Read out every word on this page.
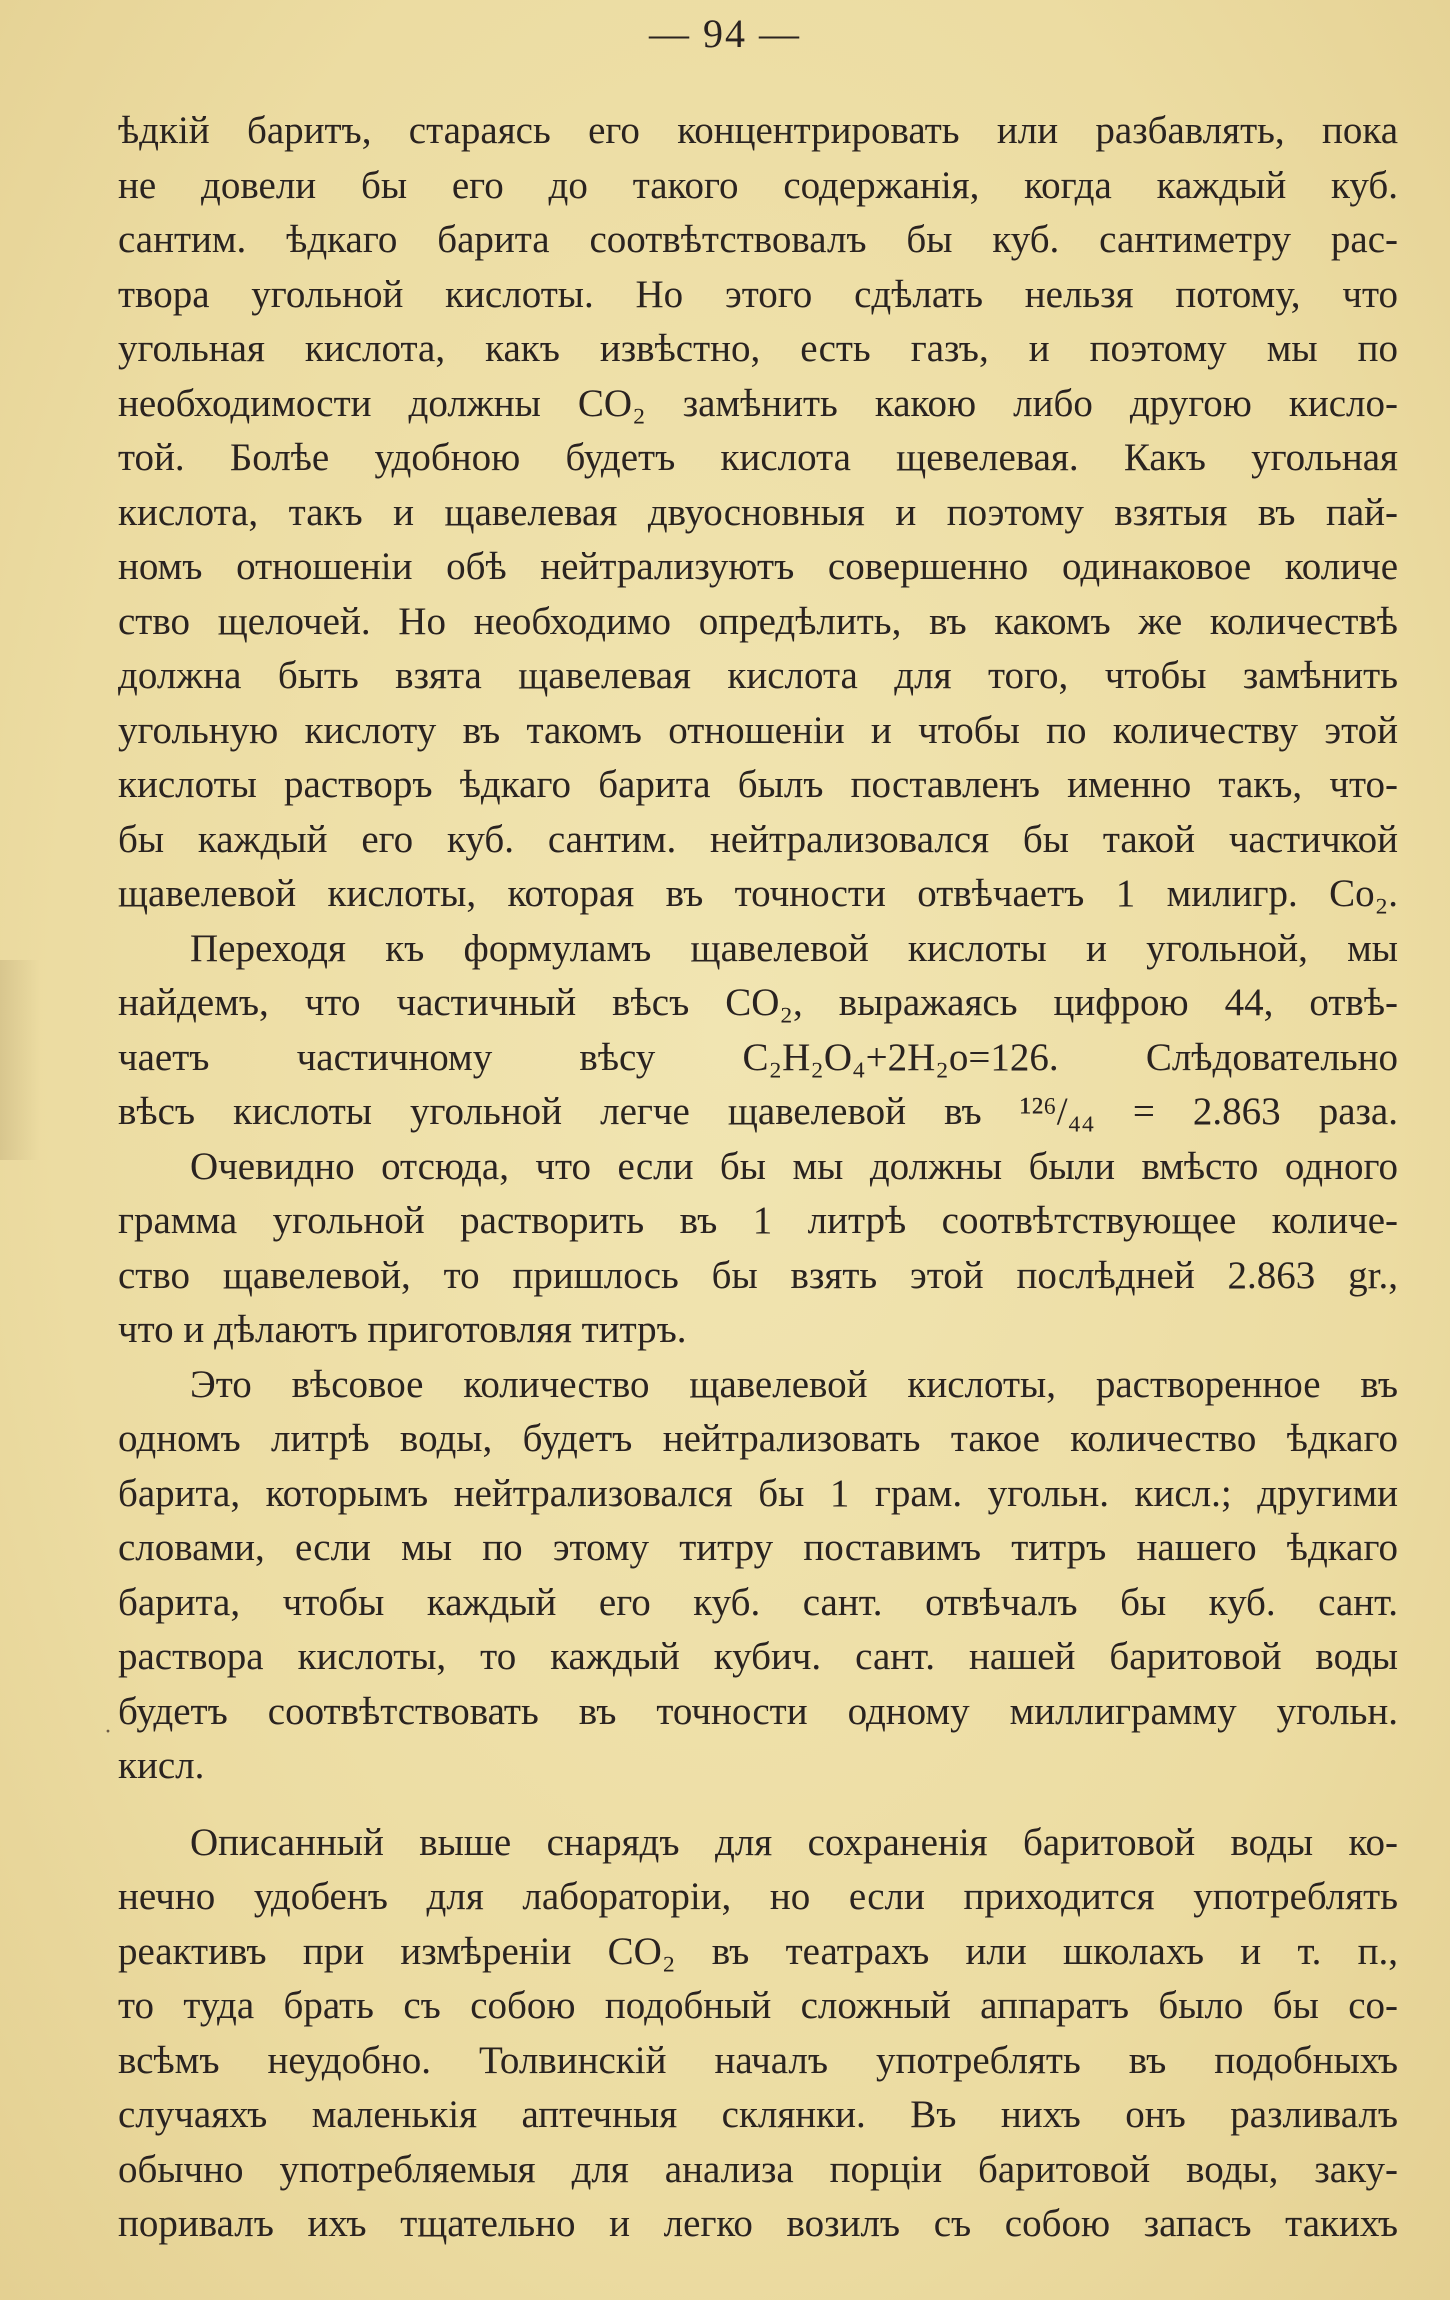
— 94 —
ѣдкій баритъ, стараясь его концентрировать или разбавлять, пока
не довели бы его до такого содержанія, когда каждый куб.
сантим. ѣдкаго барита соотвѣтствовалъ бы куб. сантиметру рас-
твора угольной кислоты. Но этого сдѣлать нельзя потому, что
угольная кислота, какъ извѣстно, есть газъ, и поэтому мы по
необходимости должны CO₂ замѣнить какою либо другою кисло-
той. Болѣе удобною будетъ кислота щевелевая. Какъ угольная
кислота, такъ и щавелевая двуосновныя и поэтому взятыя въ пай-
номъ отношеніи обѣ нейтрализуютъ совершенно одинаковое количе
ство щелочей. Но необходимо опредѣлить, въ какомъ же количествѣ
должна быть взята щавелевая кислота для того, чтобы замѣнить
угольную кислоту въ такомъ отношеніи и чтобы по количеству этой
кислоты растворъ ѣдкаго барита былъ поставленъ именно такъ, что-
бы каждый его куб. сантим. нейтрализовался бы такой частичкой
щавелевой кислоты, которая въ точности отвѣчаетъ 1 милигр. Co₂.
Переходя къ формуламъ щавелевой кислоты и угольной, мы
найдемъ, что частичный вѣсъ CO₂, выражаясь цифрою 44, отвѣ-
чаетъ частичному вѣсу C₂H₂O₄+2H₂o=126. Слѣдовательно
вѣсъ кислоты угольной легче щавелевой въ ¹²⁶/₄₄ = 2.863 раза.
Очевидно отсюда, что если бы мы должны были вмѣсто одного
грамма угольной растворить въ 1 литрѣ соотвѣтствующее количе-
ство щавелевой, то пришлось бы взять этой послѣдней 2.863 gr.,
что и дѣлаютъ приготовляя титръ.
Это вѣсовое количество щавелевой кислоты, растворенное въ
одномъ литрѣ воды, будетъ нейтрализовать такое количество ѣдкаго
барита, которымъ нейтрализовался бы 1 грам. угольн. кисл.; другими
словами, если мы по этому титру поставимъ титръ нашего ѣдкаго
барита, чтобы каждый его куб. сант. отвѣчалъ бы куб. сант.
раствора кислоты, то каждый кубич. сант. нашей баритовой воды
будетъ соотвѣтствовать въ точности одному миллиграмму угольн.
кисл.
Описанный выше снарядъ для сохраненія баритовой воды ко-
нечно удобенъ для лабораторіи, но если приходится употреблять
реактивъ при измѣреніи CO₂ въ театрахъ или школахъ и т. п.,
то туда брать съ собою подобный сложный аппаратъ было бы со-
всѣмъ неудобно. Толвинскій началъ употреблять въ подобныхъ
случаяхъ маленькія аптечныя склянки. Въ нихъ онъ разливалъ
обычно употребляемыя для анализа порціи баритовой воды, заку-
поривалъ ихъ тщательно и легко возилъ съ собою запасъ такихъ
·
